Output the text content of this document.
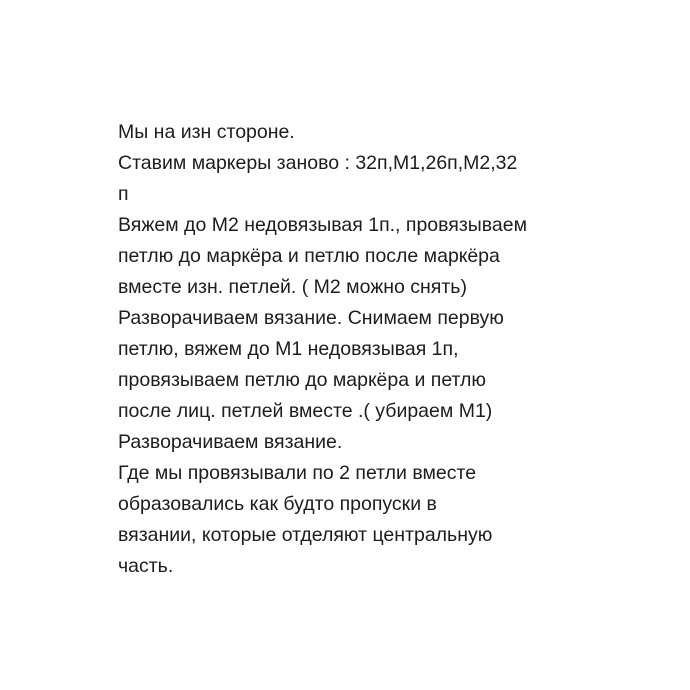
Мы на изн стороне.
Ставим маркеры заново : 32п,М1,26п,М2,32
п
Вяжем до М2 недовязывая 1п., провязываем
петлю до маркёра и петлю после маркёра
вместе изн. петлей. ( М2 можно снять)
Разворачиваем вязание. Снимаем первую
петлю, вяжем до М1 недовязывая 1п,
провязываем петлю до маркёра и петлю
после лиц. петлей вместе .( убираем М1)
Разворачиваем вязание.
Где мы провязывали по 2 петли вместе
образовались как будто пропуски в
вязании, которые отделяют центральную
часть.
